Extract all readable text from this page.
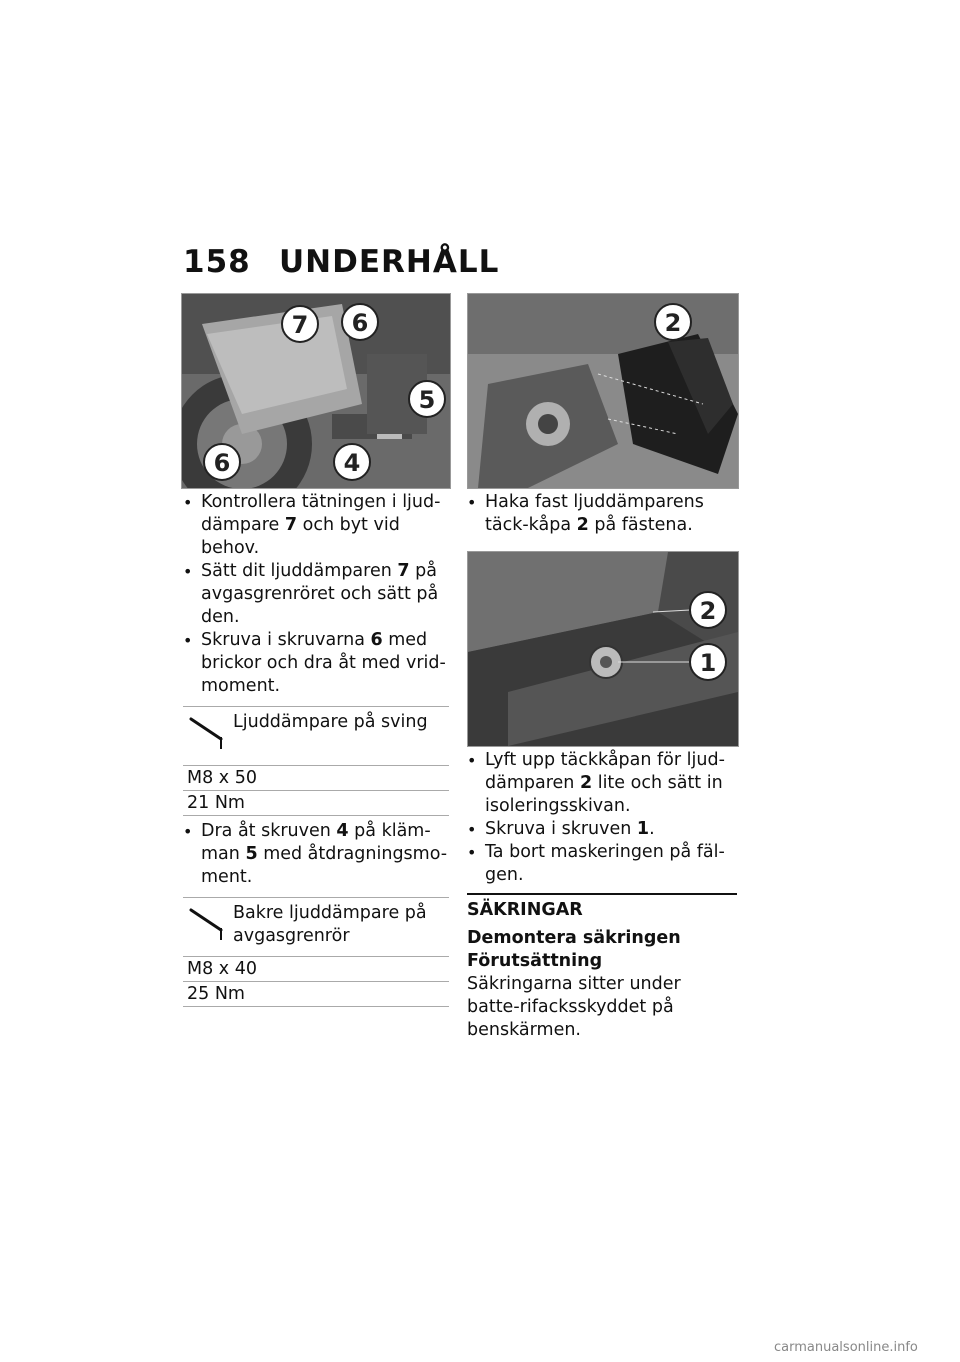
158 UNDERHÅLL
7 6
5
6	4
2
2
1
• Kontrollera tätningen i ljud-dämpare 7 och byt vid behov.
• Sätt dit ljuddämparen 7 på avgasgrenröret och sätt på den.
• Skruva i skruvarna 6 med brickor och dra åt med vrid-moment.
Ljuddämpare på sving
M8 x 50
21 Nm
• Dra åt skruven 4 på kläm-man 5 med åtdragningsmo-ment.
Bakre ljuddämpare på avgasgrenrör
M8 x 40
25 Nm
• Haka fast ljuddämparens täck-kåpa 2 på fästena.
• Lyft upp täckkåpan för ljud-dämparen 2 lite och sätt in isoleringsskivan.
• Skruva i skruven 1.
• Ta bort maskeringen på fäl-gen.
SÄKRINGAR
Demontera säkringen
Förutsättning
Säkringarna sitter under batte-rifacksskyddet på benskärmen.
carmanualsonline.info
